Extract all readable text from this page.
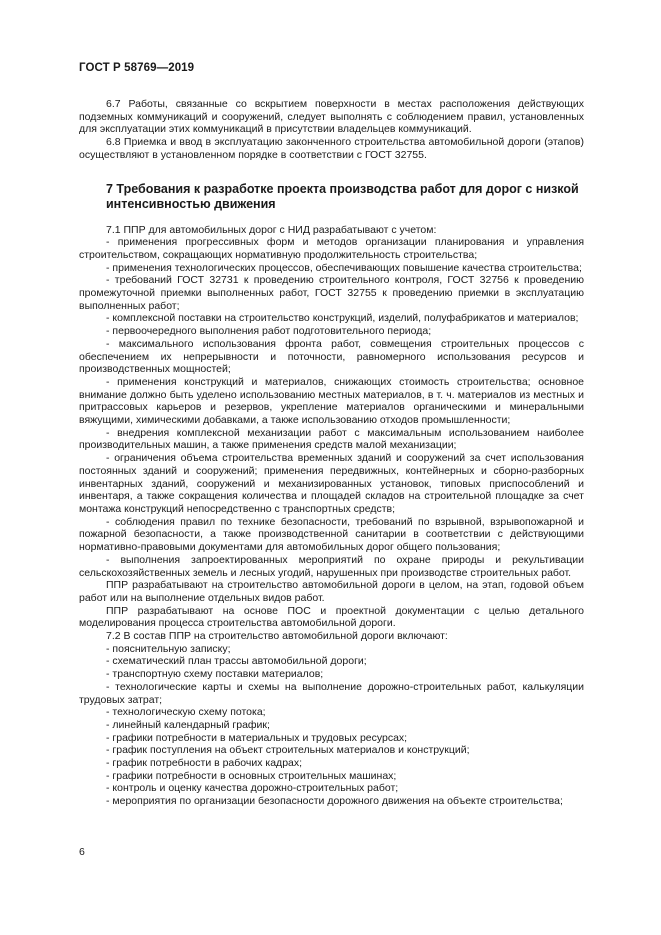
ГОСТ Р 58769—2019

6.7 Работы, связанные со вскрытием поверхности в местах расположения действующих подземных коммуникаций и сооружений, следует выполнять с соблюдением правил, установленных для эксплуатации этих коммуникаций в присутствии владельцев коммуникаций.

6.8 Приемка и ввод в эксплуатацию законченного строительства автомобильной дороги (этапов) осуществляют в установленном порядке в соответствии с ГОСТ 32755.

7 Требования к разработке проекта производства работ для дорог с низкой интенсивностью движения

7.1 ППР для автомобильных дорог с НИД разрабатывают с учетом:

- применения прогрессивных форм и методов организации планирования и управления строительством, сокращающих нормативную продолжительность строительства;

- применения технологических процессов, обеспечивающих повышение качества строительства;

- требований ГОСТ 32731 к проведению строительного контроля, ГОСТ 32756 к проведению промежуточной приемки выполненных работ, ГОСТ 32755 к проведению приемки в эксплуатацию выполненных работ;

- комплексной поставки на строительство конструкций, изделий, полуфабрикатов и материалов;

- первоочередного выполнения работ подготовительного периода;

- максимального использования фронта работ, совмещения строительных процессов с обеспечением их непрерывности и поточности, равномерного использования ресурсов и производственных мощностей;

- применения конструкций и материалов, снижающих стоимость строительства; основное внимание должно быть уделено использованию местных материалов, в т. ч. материалов из местных и притрассовых карьеров и резервов, укрепление материалов органическими и минеральными вяжущими, химическими добавками, а также использованию отходов промышленности;

- внедрения комплексной механизации работ с максимальным использованием наиболее производительных машин, а также применения средств малой механизации;

- ограничения объема строительства временных зданий и сооружений за счет использования постоянных зданий и сооружений; применения передвижных, контейнерных и сборно-разборных инвентарных зданий, сооружений и механизированных установок, типовых приспособлений и инвентаря, а также сокращения количества и площадей складов на строительной площадке за счет монтажа конструкций непосредственно с транспортных средств;

- соблюдения правил по технике безопасности, требований по взрывной, взрывопожарной и пожарной безопасности, а также производственной санитарии в соответствии с действующими нормативно-правовыми документами для автомобильных дорог общего пользования;

- выполнения запроектированных мероприятий по охране природы и рекультивации сельскохозяйственных земель и лесных угодий, нарушенных при производстве строительных работ.

ППР разрабатывают на строительство автомобильной дороги в целом, на этап, годовой объем работ или на выполнение отдельных видов работ.

ППР разрабатывают на основе ПОС и проектной документации с целью детального моделирования процесса строительства автомобильной дороги.

7.2 В состав ППР на строительство автомобильной дороги включают:

- пояснительную записку;

- схематический план трассы автомобильной дороги;

- транспортную схему поставки материалов;

- технологические карты и схемы на выполнение дорожно-строительных работ, калькуляции трудовых затрат;

- технологическую схему потока;

- линейный календарный график;

- графики потребности в материальных и трудовых ресурсах;

- график поступления на объект строительных материалов и конструкций;

- график потребности в рабочих кадрах;

- графики потребности в основных строительных машинах;

- контроль и оценку качества дорожно-строительных работ;

- мероприятия по организации безопасности дорожного движения на объекте строительства;

6
